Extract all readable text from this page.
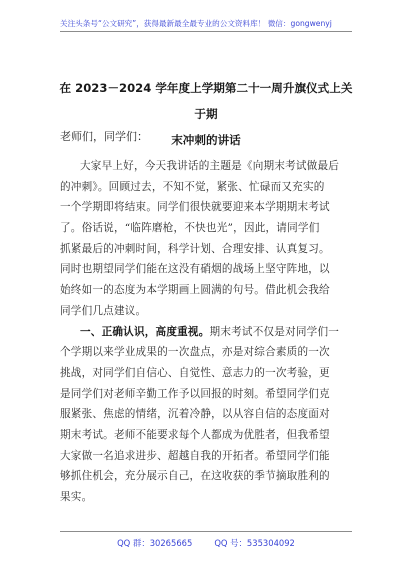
关注头条号“公文研究”，获得最新最全最专业的公文资料库！ 微信：gongwenyj
在 2023－2024 学年度上学期第二十一周升旗仪式上关于期
末冲刺的讲话
老师们，同学们：
大家早上好，今天我讲话的主题是《向期末考试做最后
的冲刺》。回顾过去，不知不觉，紧张、忙碌而又充实的
一个学期即将结束。同学们很快就要迎来本学期期末考试
了。俗话说，“临阵磨枪，不快也光”，因此，请同学们
抓紧最后的冲刺时间，科学计划、合理安排、认真复习。
同时也期望同学们能在这没有硝烟的战场上坚守阵地，以
始终如一的态度为本学期画上圆满的句号。借此机会我给
同学们几点建议。
一、正确认识，高度重视。期末考试不仅是对同学们一
个学期以来学业成果的一次盘点，亦是对综合素质的一次
挑战，对同学们自信心、自觉性、意志力的一次考验，更
是同学们对老师辛勤工作予以回报的时刻。希望同学们克
服紧张、焦虑的情绪，沉着冷静，以从容自信的态度面对
期末考试。老师不能要求每个人都成为优胜者，但我希望
大家做一名追求进步、超越自我的开拓者。希望同学们能
够抓住机会，充分展示自己，在这收获的季节摘取胜利的
果实。
QQ 群：30265665	QQ 号：535304092
